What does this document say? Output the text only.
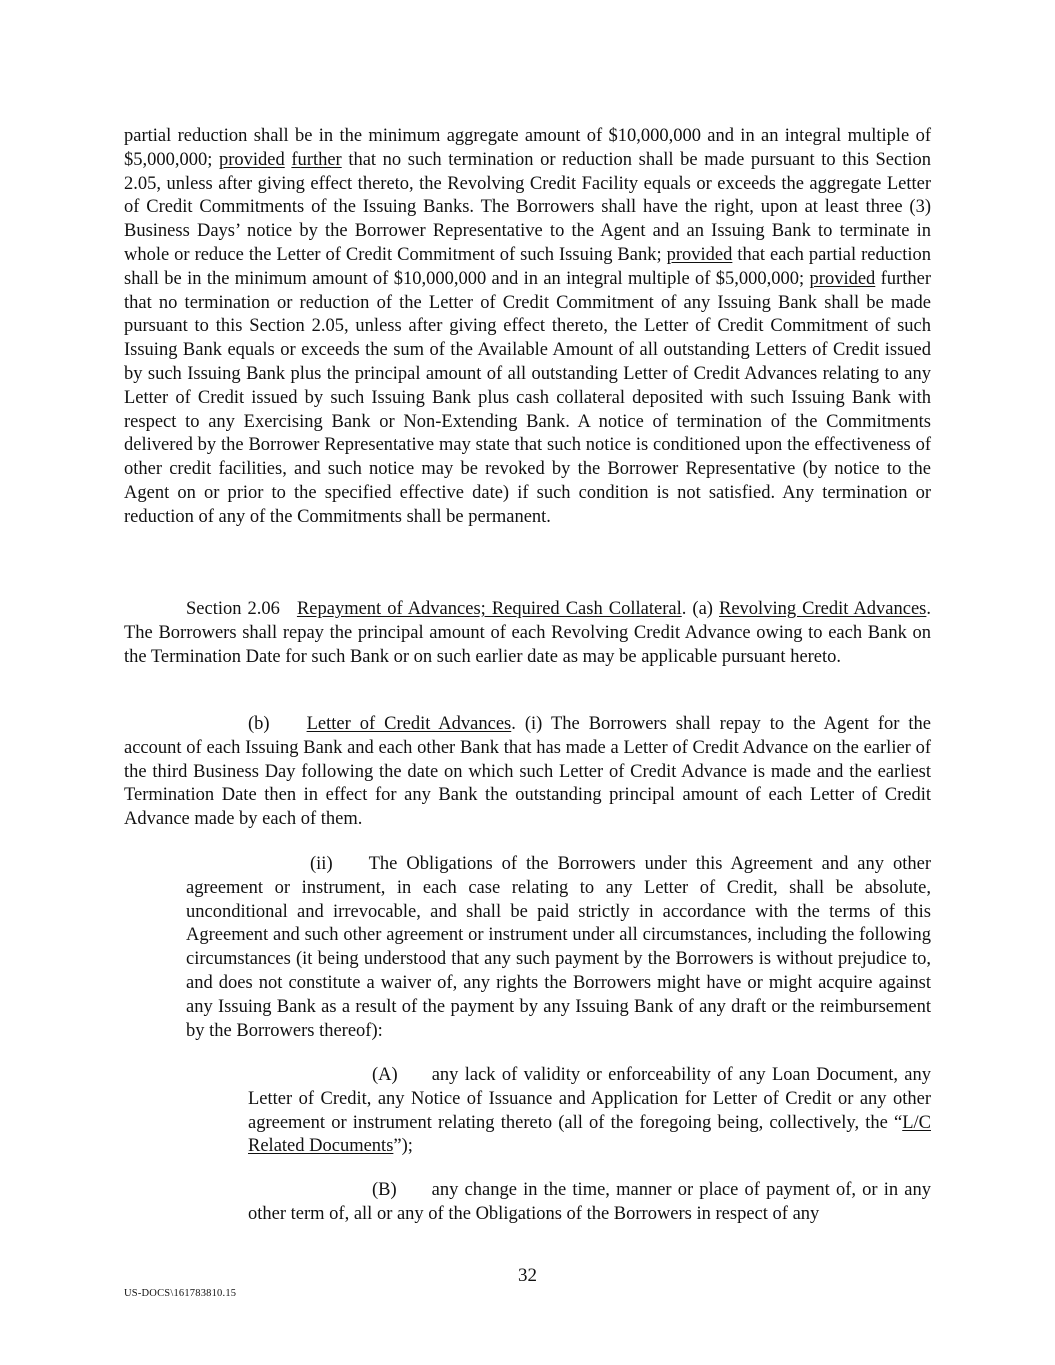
partial reduction shall be in the minimum aggregate amount of $10,000,000 and in an integral multiple of $5,000,000; provided further that no such termination or reduction shall be made pursuant to this Section 2.05, unless after giving effect thereto, the Revolving Credit Facility equals or exceeds the aggregate Letter of Credit Commitments of the Issuing Banks. The Borrowers shall have the right, upon at least three (3) Business Days’ notice by the Borrower Representative to the Agent and an Issuing Bank to terminate in whole or reduce the Letter of Credit Commitment of such Issuing Bank; provided that each partial reduction shall be in the minimum amount of $10,000,000 and in an integral multiple of $5,000,000; provided further that no termination or reduction of the Letter of Credit Commitment of any Issuing Bank shall be made pursuant to this Section 2.05, unless after giving effect thereto, the Letter of Credit Commitment of such Issuing Bank equals or exceeds the sum of the Available Amount of all outstanding Letters of Credit issued by such Issuing Bank plus the principal amount of all outstanding Letter of Credit Advances relating to any Letter of Credit issued by such Issuing Bank plus cash collateral deposited with such Issuing Bank with respect to any Exercising Bank or Non-Extending Bank. A notice of termination of the Commitments delivered by the Borrower Representative may state that such notice is conditioned upon the effectiveness of other credit facilities, and such notice may be revoked by the Borrower Representative (by notice to the Agent on or prior to the specified effective date) if such condition is not satisfied. Any termination or reduction of any of the Commitments shall be permanent.

Section 2.06 Repayment of Advances; Required Cash Collateral. (a) Revolving Credit Advances. The Borrowers shall repay the principal amount of each Revolving Credit Advance owing to each Bank on the Termination Date for such Bank or on such earlier date as may be applicable pursuant hereto.

(b) Letter of Credit Advances. (i) The Borrowers shall repay to the Agent for the account of each Issuing Bank and each other Bank that has made a Letter of Credit Advance on the earlier of the third Business Day following the date on which such Letter of Credit Advance is made and the earliest Termination Date then in effect for any Bank the outstanding principal amount of each Letter of Credit Advance made by each of them.

(ii) The Obligations of the Borrowers under this Agreement and any other agreement or instrument, in each case relating to any Letter of Credit, shall be absolute, unconditional and irrevocable, and shall be paid strictly in accordance with the terms of this Agreement and such other agreement or instrument under all circumstances, including the following circumstances (it being understood that any such payment by the Borrowers is without prejudice to, and does not constitute a waiver of, any rights the Borrowers might have or might acquire against any Issuing Bank as a result of the payment by any Issuing Bank of any draft or the reimbursement by the Borrowers thereof):

(A) any lack of validity or enforceability of any Loan Document, any Letter of Credit, any Notice of Issuance and Application for Letter of Credit or any other agreement or instrument relating thereto (all of the foregoing being, collectively, the “L/C Related Documents”);

(B) any change in the time, manner or place of payment of, or in any other term of, all or any of the Obligations of the Borrowers in respect of any

32

US-DOCS\161783810.15
